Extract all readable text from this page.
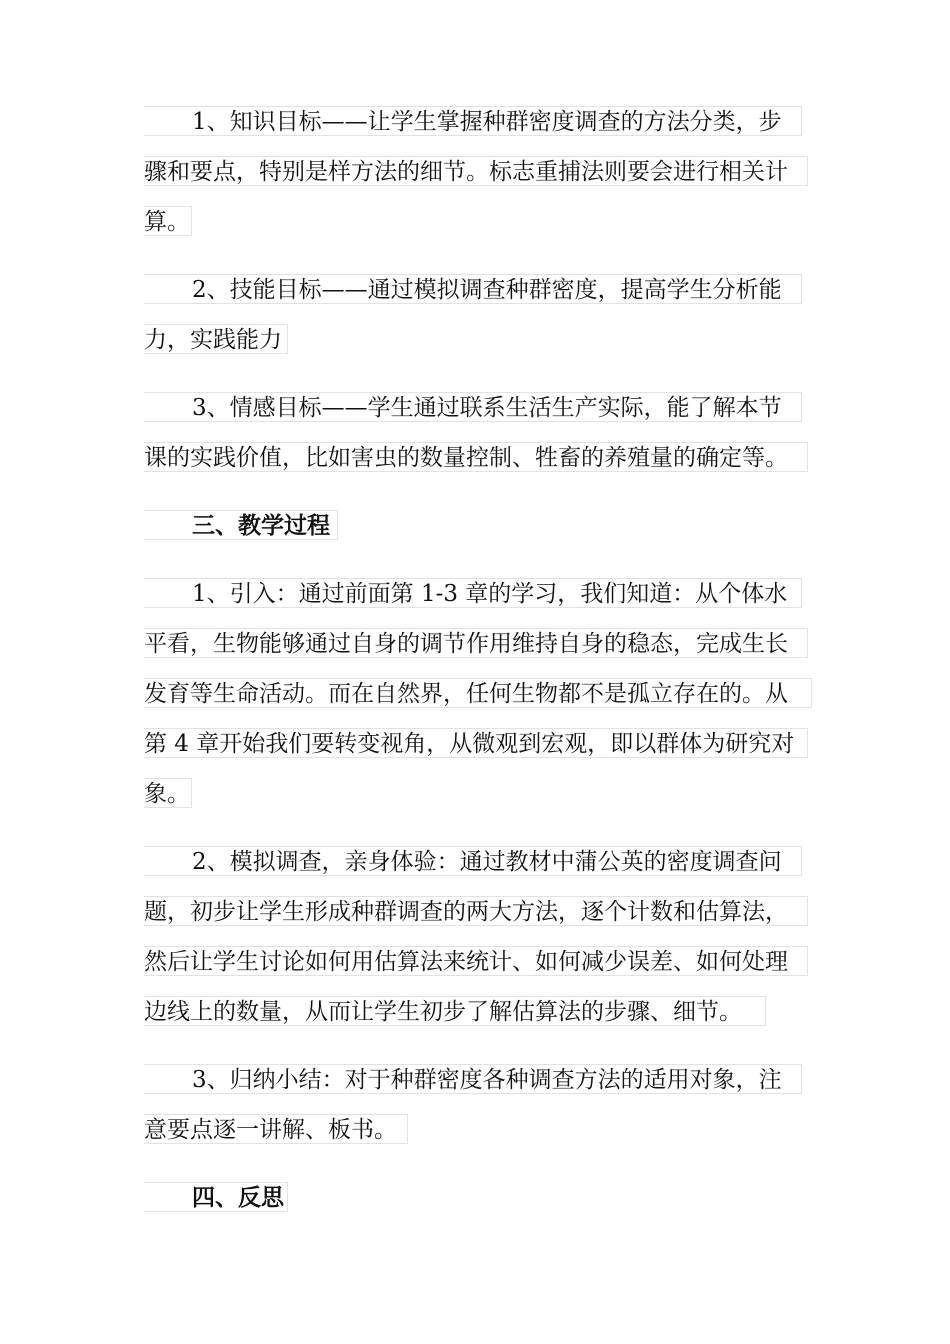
1、知识目标——让学生掌握种群密度调查的方法分类，步
骤和要点，特别是样方法的细节。标志重捕法则要会进行相关计
算。
2、技能目标——通过模拟调查种群密度，提高学生分析能
力，实践能力
3、情感目标——学生通过联系生活生产实际，能了解本节
课的实践价值，比如害虫的数量控制、牲畜的养殖量的确定等。
三、教学过程
1、引入：通过前面第 1-3 章的学习，我们知道：从个体水
平看，生物能够通过自身的调节作用维持自身的稳态，完成生长
发育等生命活动。而在自然界，任何生物都不是孤立存在的。从
第 4 章开始我们要转变视角，从微观到宏观，即以群体为研究对
象。
2、模拟调查，亲身体验：通过教材中蒲公英的密度调查问
题，初步让学生形成种群调查的两大方法，逐个计数和估算法，
然后让学生讨论如何用估算法来统计、如何减少误差、如何处理
边线上的数量，从而让学生初步了解估算法的步骤、细节。
3、归纳小结：对于种群密度各种调查方法的适用对象，注
意要点逐一讲解、板书。
四、反思
